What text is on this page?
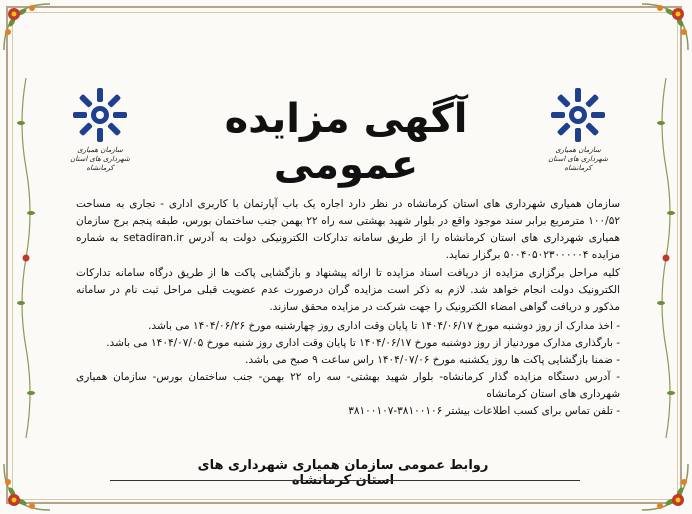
سازمان همیاری شهرداری های استان کرمانشاه
سازمان همیاری شهرداری های استان کرمانشاه
آگهی مزایده عمومی

سازمان همیاری شهرداری های استان کرمانشاه در نظر دارد اجاره یک باب آپارتمان با کاربری اداری - تجاری به مساحت ۱۰۰/۵۲ مترمربع برابر سند موجود واقع در بلوار شهید بهشتی سه راه ۲۲ بهمن جنب ساختمان بورس، طبقه پنجم برج سازمان همیاری شهرداری های استان کرمانشاه را از طریق سامانه تدارکات الکترونیکی دولت به آدرس setadiran.ir به شماره مزایده ۵۰۰۴۰۵۰۲۳۰۰۰۰۰۴ برگزار نماید.

کلیه مراحل برگزاری مزایده از دریافت اسناد مزایده تا ارائه پیشنهاد و بازگشایی پاکت ها از طریق درگاه سامانه تدارکات الکترونیک دولت انجام خواهد شد. لازم به ذکر است مزایده گران درصورت عدم عضویت قبلی مراحل ثبت نام در سامانه مذکور و دریافت گواهی امضاء الکترونیک را جهت شرکت در مزایده محقق سازند.

- اخذ مدارک از روز دوشنبه مورخ ۱۴۰۴/۰۶/۱۷ تا پایان وقت اداری روز چهارشنبه مورخ ۱۴۰۴/۰۶/۲۶ می باشد.
- بارگذاری مدارک موردنیاز از روز دوشنبه مورخ ۱۴۰۴/۰۶/۱۷ تا پایان وقت اداری روز شنبه مورخ ۱۴۰۴/۰۷/۰۵ می باشد.
- ضمنا بازگشایی پاکت ها روز یکشنبه مورخ ۱۴۰۴/۰۷/۰۶ راس ساعت ۹ صبح می باشد.
- آدرس دستگاه مزایده گذار کرمانشاه- بلوار شهید بهشتی- سه راه ۲۲ بهمن- جنب ساختمان بورس- سازمان همیاری شهرداری های استان کرمانشاه
- تلفن تماس برای کسب اطلاعات بیشتر ۳۸۱۰۰۱۰۶-۳۸۱۰۰۱۰۷
روابط عمومی سازمان همیاری شهرداری های استان کرمانشاه
